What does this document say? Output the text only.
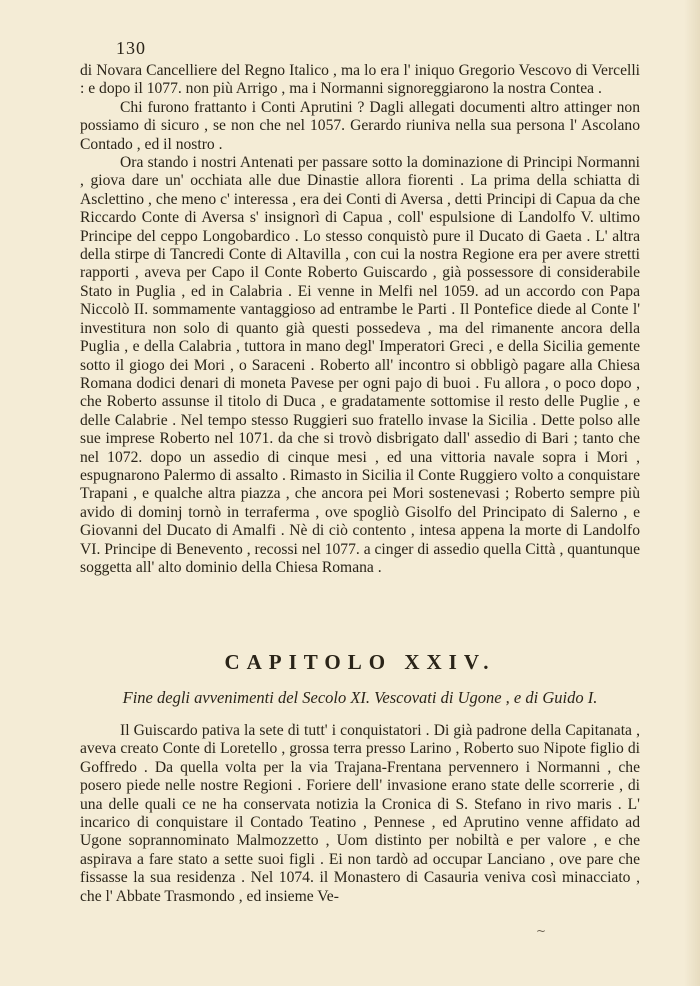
130

di Novara Cancelliere del Regno Italico , ma lo era l' iniquo Gregorio Vescovo di Vercelli : e dopo il 1077. non più Arrigo , ma i Normanni signoreggiarono la nostra Contea .

Chi furono frattanto i Conti Aprutini ? Dagli allegati documenti altro attinger non possiamo di sicuro , se non che nel 1057. Gerardo riuniva nella sua persona l' Ascolano Contado , ed il nostro .

Ora stando i nostri Antenati per passare sotto la dominazione di Principi Normanni , giova dare un' occhiata alle due Dinastie allora fiorenti . La prima della schiatta di Asclettino , che meno c' interessa , era dei Conti di Aversa , detti Principi di Capua da che Riccardo Conte di Aversa s' insignorì di Capua , coll' espulsione di Landolfo V. ultimo Principe del ceppo Longobardico . Lo stesso conquistò pure il Ducato di Gaeta . L' altra della stirpe di Tancredi Conte di Altavilla , con cui la nostra Regione era per avere stretti rapporti , aveva per Capo il Conte Roberto Guiscardo , già possessore di considerabile Stato in Puglia , ed in Calabria . Ei venne in Melfi nel 1059. ad un accordo con Papa Niccolò II. sommamente vantaggioso ad entrambe le Parti . Il Pontefice diede al Conte l' investitura non solo di quanto già questi possedeva , ma del rimanente ancora della Puglia , e della Calabria , tuttora in mano degl' Imperatori Greci , e della Sicilia gemente sotto il giogo dei Mori , o Saraceni . Roberto all' incontro si obbligò pagare alla Chiesa Romana dodici denari di moneta Pavese per ogni pajo di buoi . Fu allora , o poco dopo , che Roberto assunse il titolo di Duca , e gradatamente sottomise il resto delle Puglie , e delle Calabrie . Nel tempo stesso Ruggieri suo fratello invase la Sicilia . Dette polso alle sue imprese Roberto nel 1071. da che si trovò disbrigato dall' assedio di Bari ; tanto che nel 1072. dopo un assedio di cinque mesi , ed una vittoria navale sopra i Mori , espugnarono Palermo di assalto . Rimasto in Sicilia il Conte Ruggiero volto a conquistare Trapani , e qualche altra piazza , che ancora pei Mori sostenevasi ; Roberto sempre più avido di dominj tornò in terraferma , ove spogliò Gisolfo del Principato di Salerno , e Giovanni del Ducato di Amalfi . Nè di ciò contento , intesa appena la morte di Landolfo VI. Principe di Benevento , recossi nel 1077. a cinger di assedio quella Città , quantunque soggetta all' alto dominio della Chiesa Romana .

CAPITOLO XXIV.
Fine degli avvenimenti del Secolo XI. Vescovati di Ugone , e di Guido I.

Il Guiscardo pativa la sete di tutt' i conquistatori . Di già padrone della Capitanata , aveva creato Conte di Loretello , grossa terra presso Larino , Roberto suo Nipote figlio di Goffredo . Da quella volta per la via Trajana-Frentana pervennero i Normanni , che posero piede nelle nostre Regioni . Foriere dell' invasione erano state delle scorrerie , di una delle quali ce ne ha conservata notizia la Cronica di S. Stefano in rivo maris . L' incarico di conquistare il Contado Teatino , Pennese , ed Aprutino venne affidato ad Ugone soprannominato Malmozzetto , Uom distinto per nobiltà e per valore , e che aspirava a fare stato a sette suoi figli . Ei non tardò ad occupar Lanciano , ove pare che fissasse la sua residenza . Nel 1074. il Monastero di Casauria veniva così minacciato , che l' Abbate Trasmondo , ed insieme Ve-

~
